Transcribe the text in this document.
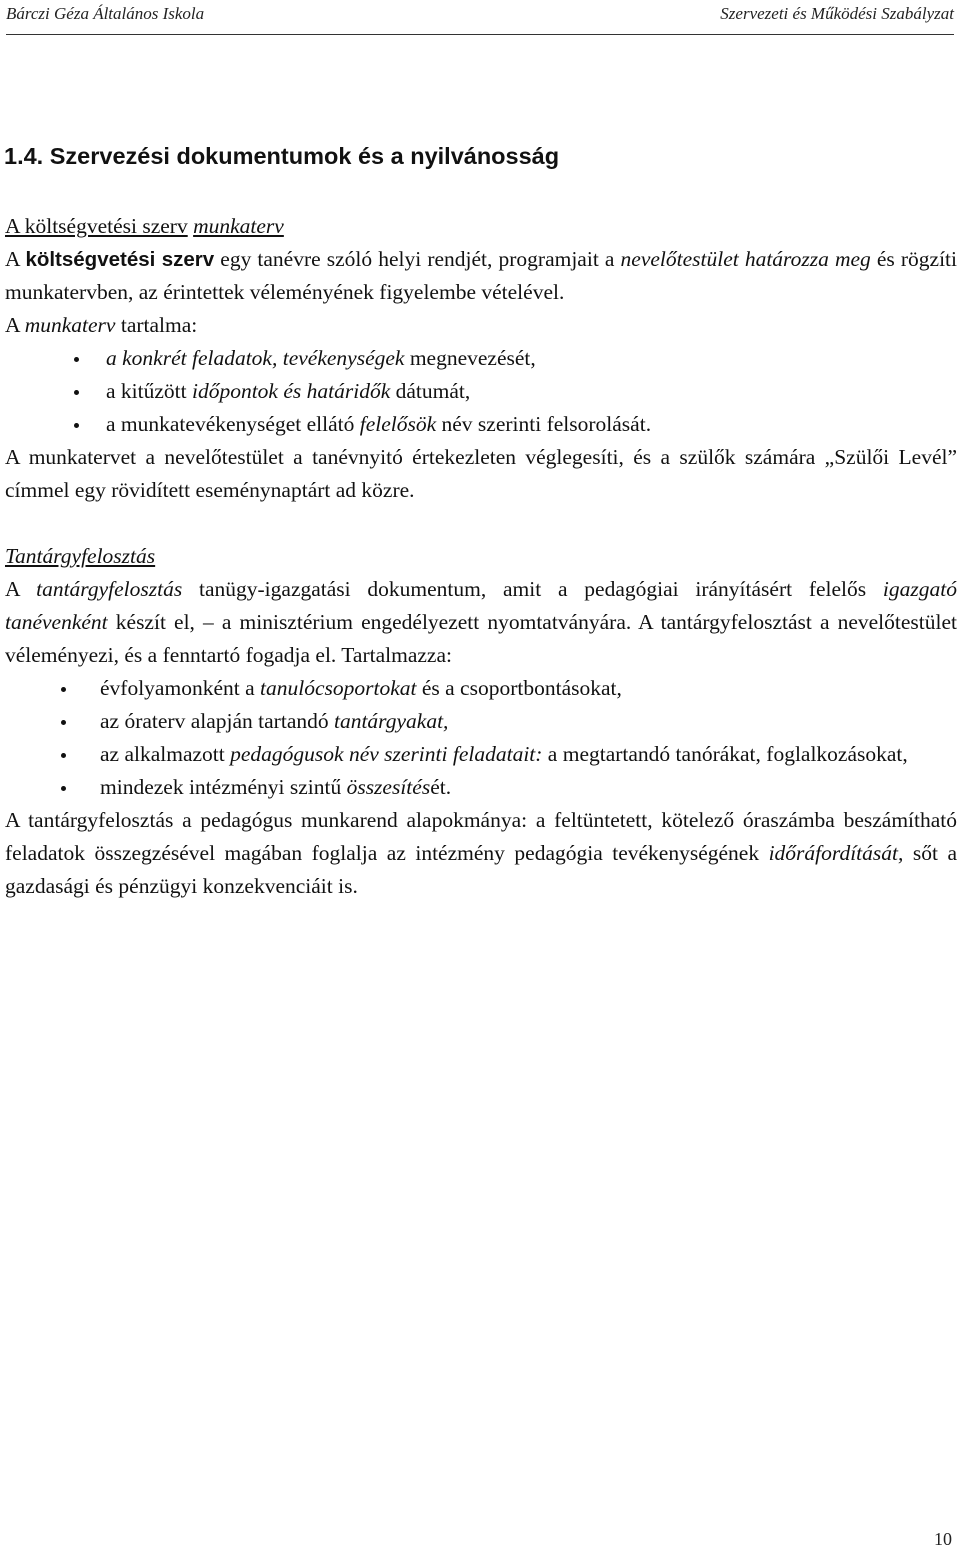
Bárczi Géza Általános Iskola	Szervezeti és Működési Szabályzat
1.4. Szervezési dokumentumok és a nyilvánosság

A költségvetési szerv munkaterv

A költségvetési szerv egy tanévre szóló helyi rendjét, programjait a nevelőtestület határozza meg és rögzíti munkatervben, az érintettek véleményének figyelembe vételével.

A munkaterv tartalma:

a konkrét feladatok, tevékenységek megnevezését,
a kitűzött időpontok és határidők dátumát,
a munkatevékenységet ellátó felelősök név szerinti felsorolását.

A munkatervet a nevelőtestület a tanévnyitó értekezleten véglegesíti, és a szülők számára „Szülői Levél” címmel egy rövidített eseménynaptárt ad közre.

Tantárgyfelosztás

A tantárgyfelosztás tanügy-igazgatási dokumentum, amit a pedagógiai irányításért felelős igazgató tanévenként készít el, – a minisztérium engedélyezett nyomtatványára. A tantárgyfelosztást a nevelőtestület véleményezi, és a fenntartó fogadja el. Tartalmazza:

évfolyamonként a tanulócsoportokat és a csoportbontásokat,
az óraterv alapján tartandó tantárgyakat,
az alkalmazott pedagógusok név szerinti feladatait: a megtartandó tanórákat, foglalkozásokat,
mindezek intézményi szintű összesítését.

A tantárgyfelosztás a pedagógus munkarend alapokmánya: a feltüntetett, kötelező óraszámba beszámítható feladatok összegzésével magában foglalja az intézmény pedagógia tevékenységének időráfordítását, sőt a gazdasági és pénzügyi konzekvenciáit is.

10
